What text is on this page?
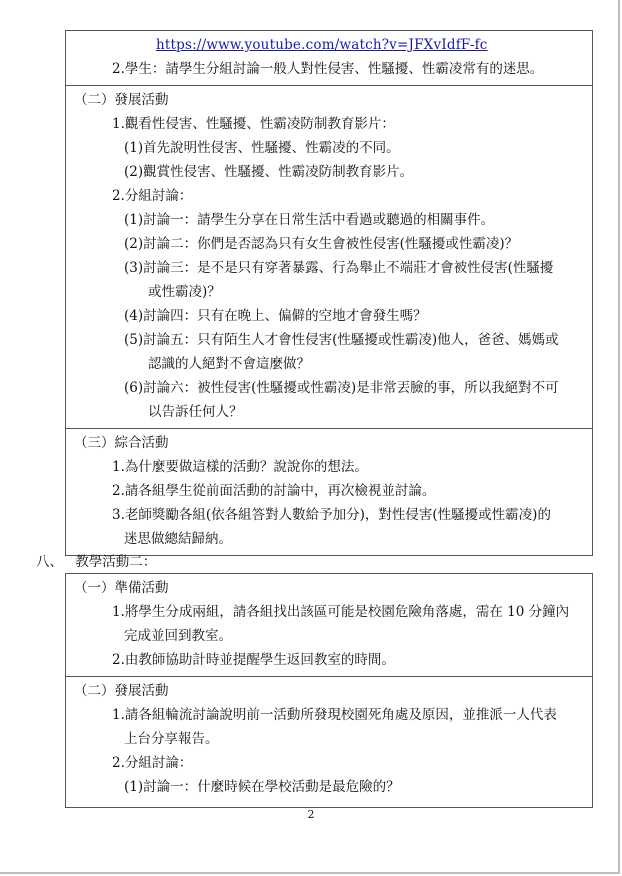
https://www.youtube.com/watch?v=JFXvIdfF-fc
2.學生：請學生分組討論一般人對性侵害、性騷擾、性霸凌常有的迷思。
（二）發展活動
1.觀看性侵害、性騷擾、性霸凌防制教育影片：
(1)首先說明性侵害、性騷擾、性霸凌的不同。
(2)觀賞性侵害、性騷擾、性霸凌防制教育影片。
2.分組討論：
(1)討論一：請學生分享在日常生活中看過或聽過的相關事件。
(2)討論二：你們是否認為只有女生會被性侵害(性騷擾或性霸凌)？
(3)討論三：是不是只有穿著暴露、行為舉止不端莊才會被性侵害(性騷擾
或性霸凌)？
(4)討論四：只有在晚上、偏僻的空地才會發生嗎？
(5)討論五：只有陌生人才會性侵害(性騷擾或性霸凌)他人，爸爸、媽媽或
認識的人絕對不會這麼做？
(6)討論六：被性侵害(性騷擾或性霸凌)是非常丟臉的事，所以我絕對不可
以告訴任何人？
（三）綜合活動
1.為什麼要做這樣的活動？說說你的想法。
2.請各組學生從前面活動的討論中，再次檢視並討論。
3.老師獎勵各組(依各組答對人數給予加分)，對性侵害(性騷擾或性霸凌)的
迷思做總結歸納。
八、 教學活動二：
（一）準備活動
1.將學生分成兩組，請各組找出該區可能是校園危險角落處，需在 10 分鐘內
完成並回到教室。
2.由教師協助計時並提醒學生返回教室的時間。
（二）發展活動
1.請各組輪流討論說明前一活動所發現校園死角處及原因，並推派一人代表
上台分享報告。
2.分組討論：
(1)討論一：什麼時候在學校活動是最危險的？
2
